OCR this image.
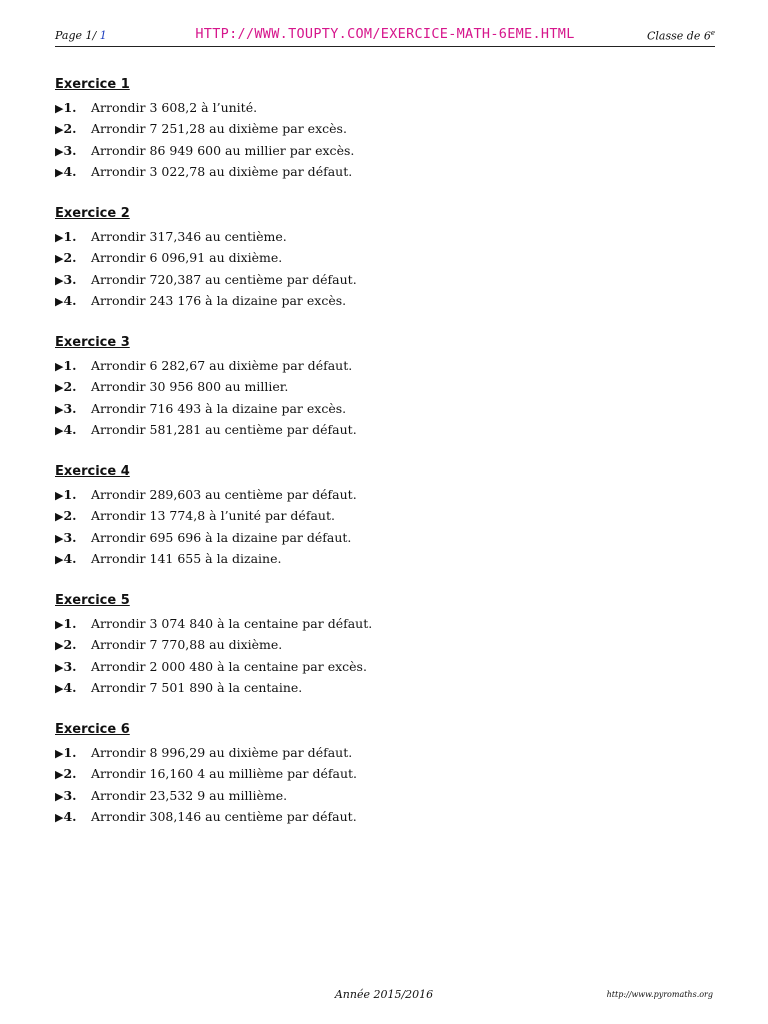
Page 1/ 1	HTTP://WWW.TOUPTY.COM/EXERCICE-MATH-6EME.HTML	Classe de 6e
Exercice 1
▶1. Arrondir 3 608,2 à l’unité.
▶2. Arrondir 7 251,28 au dixième par excès.
▶3. Arrondir 86 949 600 au millier par excès.
▶4. Arrondir 3 022,78 au dixième par défaut.
Exercice 2
▶1. Arrondir 317,346 au centième.
▶2. Arrondir 6 096,91 au dixième.
▶3. Arrondir 720,387 au centième par défaut.
▶4. Arrondir 243 176 à la dizaine par excès.
Exercice 3
▶1. Arrondir 6 282,67 au dixième par défaut.
▶2. Arrondir 30 956 800 au millier.
▶3. Arrondir 716 493 à la dizaine par excès.
▶4. Arrondir 581,281 au centième par défaut.
Exercice 4
▶1. Arrondir 289,603 au centième par défaut.
▶2. Arrondir 13 774,8 à l’unité par défaut.
▶3. Arrondir 695 696 à la dizaine par défaut.
▶4. Arrondir 141 655 à la dizaine.
Exercice 5
▶1. Arrondir 3 074 840 à la centaine par défaut.
▶2. Arrondir 7 770,88 au dixième.
▶3. Arrondir 2 000 480 à la centaine par excès.
▶4. Arrondir 7 501 890 à la centaine.
Exercice 6
▶1. Arrondir 8 996,29 au dixième par défaut.
▶2. Arrondir 16,160 4 au millième par défaut.
▶3. Arrondir 23,532 9 au millième.
▶4. Arrondir 308,146 au centième par défaut.
Année 2015/2016	http://www.pyromaths.org
